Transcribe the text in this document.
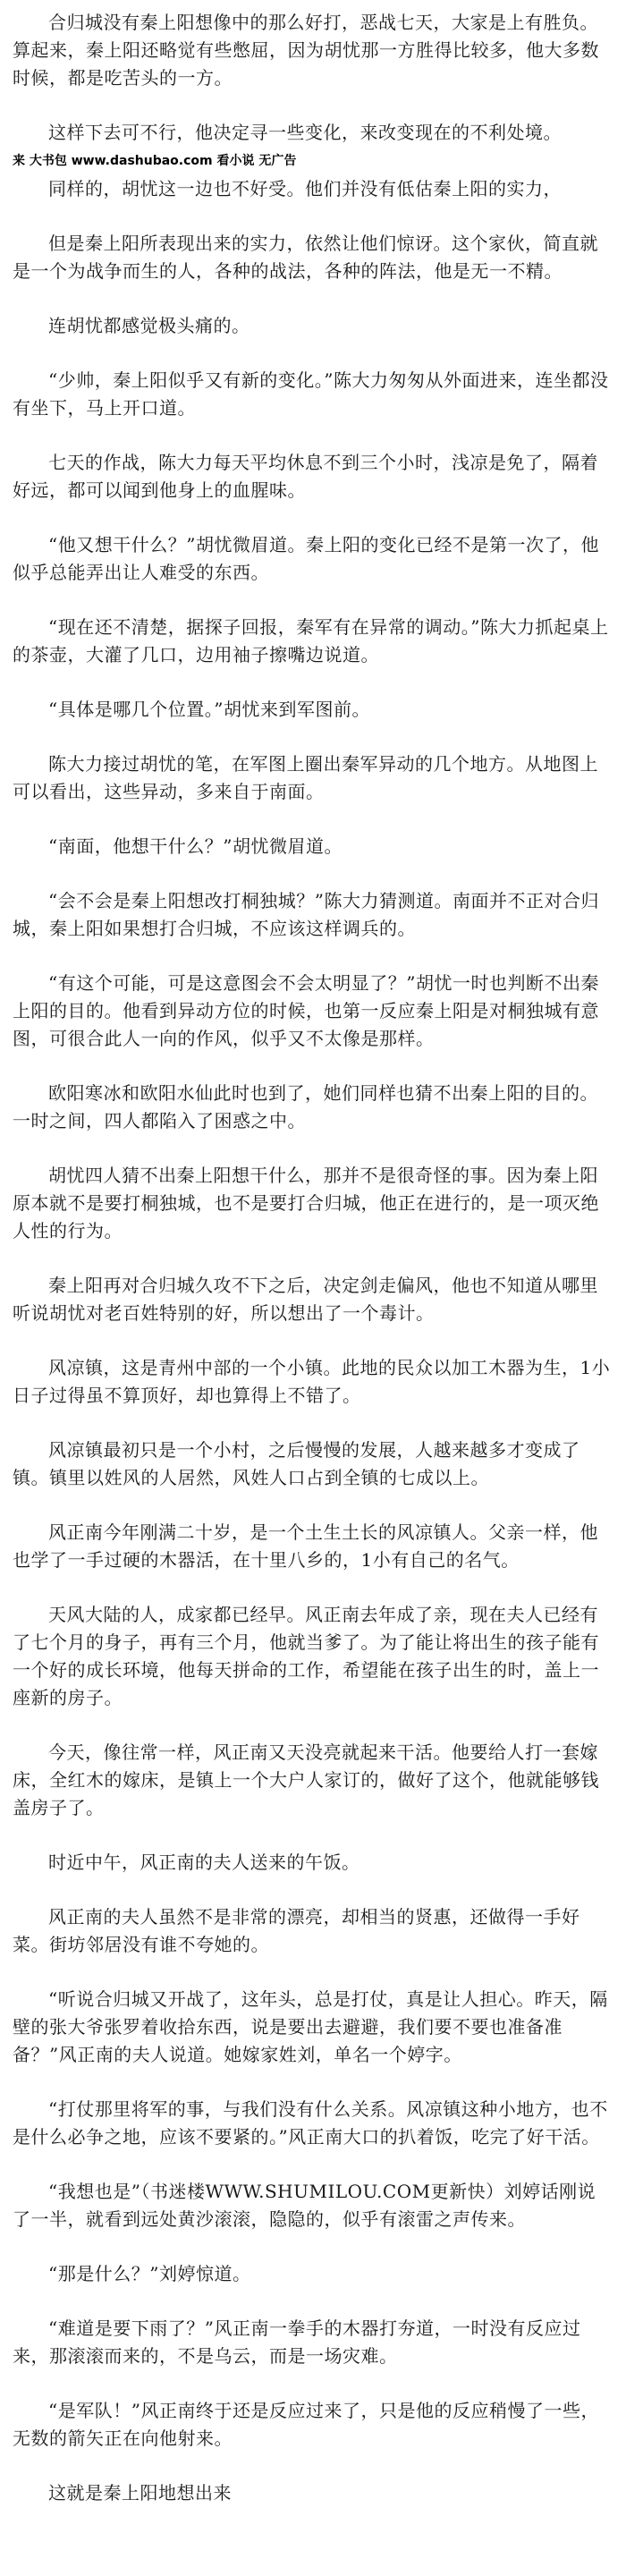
合归城没有秦上阳想像中的那么好打，恶战七天，大家是上有胜负。算起来，秦上阳还略觉有些憋屈，因为胡忧那一方胜得比较多，他大多数时候，都是吃苦头的一方。

这样下去可不行，他决定寻一些变化，来改变现在的不利处境。

来 大书包 www.dashubao.com 看小说 无广告

同样的，胡忧这一边也不好受。他们并没有低估秦上阳的实力，

但是秦上阳所表现出来的实力，依然让他们惊讶。这个家伙，简直就是一个为战争而生的人，各种的战法，各种的阵法，他是无一不精。

连胡忧都感觉极头痛的。

“少帅，秦上阳似乎又有新的变化。”陈大力匆匆从外面进来，连坐都没有坐下，马上开口道。

七天的作战，陈大力每天平均休息不到三个小时，浅凉是免了，隔着好远，都可以闻到他身上的血腥味。

“他又想干什么？”胡忧微眉道。秦上阳的变化已经不是第一次了，他似乎总能弄出让人难受的东西。

“现在还不清楚，据探子回报，秦军有在异常的调动。”陈大力抓起桌上的茶壶，大灌了几口，边用袖子擦嘴边说道。

“具体是哪几个位置。”胡忧来到军图前。

陈大力接过胡忧的笔，在军图上圈出秦军异动的几个地方。从地图上可以看出，这些异动，多来自于南面。

“南面，他想干什么？”胡忧微眉道。

“会不会是秦上阳想改打桐独城？”陈大力猜测道。南面并不正对合归城，秦上阳如果想打合归城，不应该这样调兵的。

“有这个可能，可是这意图会不会太明显了？”胡忧一时也判断不出秦上阳的目的。他看到异动方位的时候，也第一反应秦上阳是对桐独城有意图，可很合此人一向的作风，似乎又不太像是那样。

欧阳寒冰和欧阳水仙此时也到了，她们同样也猜不出秦上阳的目的。一时之间，四人都陷入了困惑之中。

胡忧四人猜不出秦上阳想干什么，那并不是很奇怪的事。因为秦上阳原本就不是要打桐独城，也不是要打合归城，他正在进行的，是一项灭绝人性的行为。

秦上阳再对合归城久攻不下之后，决定剑走偏风，他也不知道从哪里听说胡忧对老百姓特别的好，所以想出了一个毒计。

风凉镇，这是青州中部的一个小镇。此地的民众以加工木器为生，1小日子过得虽不算顶好，却也算得上不错了。

风凉镇最初只是一个小村，之后慢慢的发展，人越来越多才变成了镇。镇里以姓风的人居然，风姓人口占到全镇的七成以上。

风正南今年刚满二十岁，是一个土生土长的风凉镇人。父亲一样，他也学了一手过硬的木器活，在十里八乡的，1小有自己的名气。

天风大陆的人，成家都已经早。风正南去年成了亲，现在夫人已经有了七个月的身子，再有三个月，他就当爹了。为了能让将出生的孩子能有一个好的成长环境，他每天拼命的工作，希望能在孩子出生的时，盖上一座新的房子。

今天，像往常一样，风正南又天没亮就起来干活。他要给人打一套嫁床，全红木的嫁床，是镇上一个大户人家订的，做好了这个，他就能够钱盖房子了。

时近中午，风正南的夫人送来的午饭。

风正南的夫人虽然不是非常的漂亮，却相当的贤惠，还做得一手好菜。街坊邻居没有谁不夸她的。

“听说合归城又开战了，这年头，总是打仗，真是让人担心。昨天，隔壁的张大爷张罗着收拾东西，说是要出去避避，我们要不要也准备准备？”风正南的夫人说道。她嫁家姓刘，单名一个婷字。

“打仗那里将军的事，与我们没有什么关系。风凉镇这种小地方，也不是什么必争之地，应该不要紧的。”风正南大口的扒着饭，吃完了好干活。

“我想也是”（书迷楼WWW.SHUMILOU.COM更新快）刘婷话刚说了一半，就看到远处黄沙滚滚，隐隐的，似乎有滚雷之声传来。

“那是什么？”刘婷惊道。

“难道是要下雨了？”风正南一拳手的木器打夯道，一时没有反应过来，那滚滚而来的，不是乌云，而是一场灾难。

“是军队！”风正南终于还是反应过来了，只是他的反应稍慢了一些，无数的箭矢正在向他射来。

这就是秦上阳地想出来
